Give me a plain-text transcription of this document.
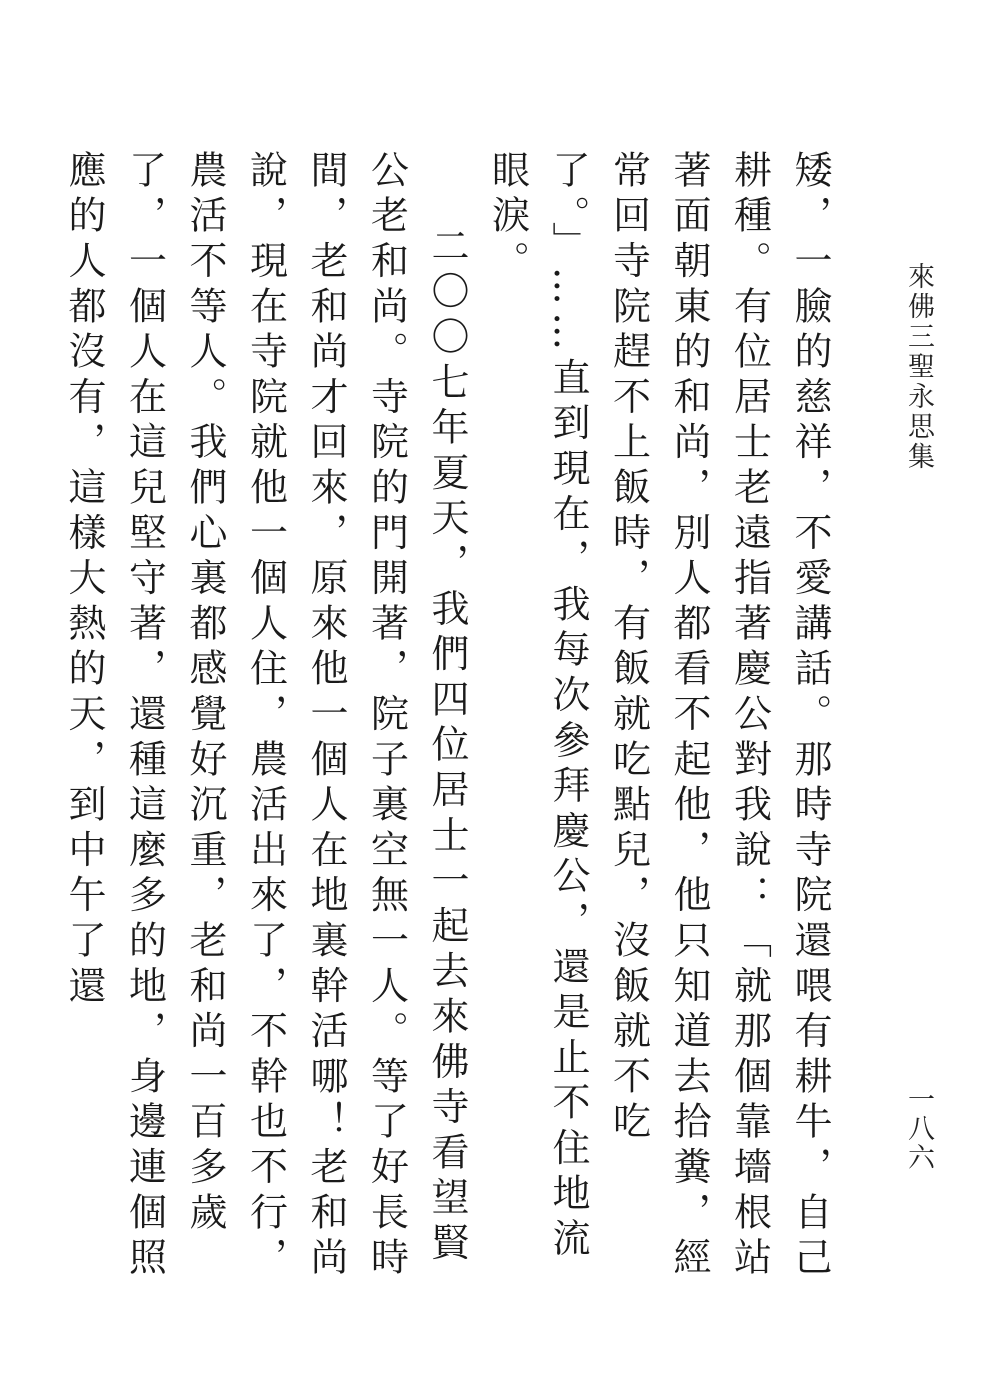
來佛三聖永思集
一八六

矮，一臉的慈祥，不愛講話。那時寺院還喂有耕牛，自己耕種。有位居士老遠指著慶公對我說：「就那個靠墻根站著面朝東的和尚，別人都看不起他，他只知道去拾糞，經常回寺院趕不上飯時，有飯就吃點兒，沒飯就不吃了。」……直到現在，我每次參拜慶公，還是止不住地流眼淚。

二〇〇七年夏天，我們四位居士一起去來佛寺看望賢公老和尚。寺院的門開著，院子裏空無一人。等了好長時間，老和尚才回來，原來他一個人在地裏幹活哪！老和尚說，現在寺院就他一個人住，農活出來了，不幹也不行，農活不等人。我們心裏都感覺好沉重，老和尚一百多歲了，一個人在這兒堅守著，還種這麼多的地，身邊連個照應的人都沒有，這樣大熱的天，到中午了還
